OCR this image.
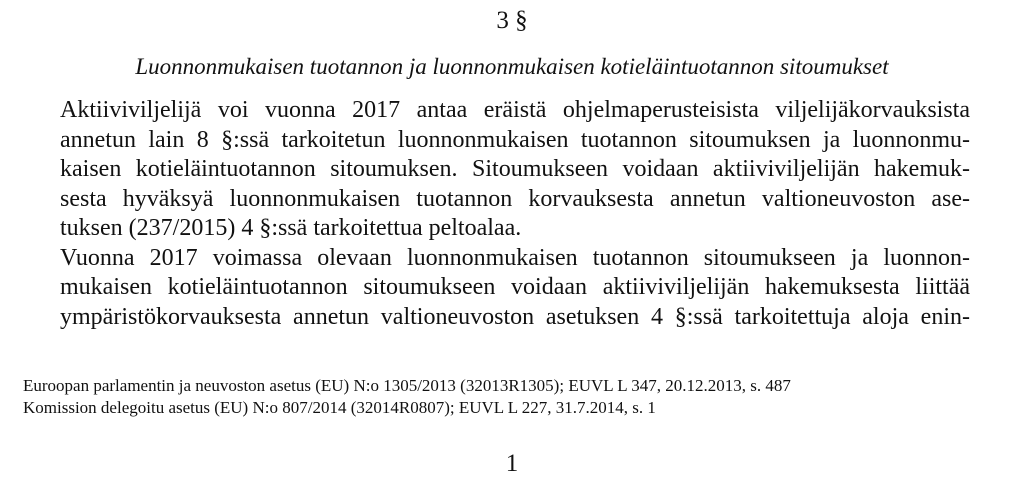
3 §
Luonnonmukaisen tuotannon ja luonnonmukaisen kotieläintuotannon sitoumukset

Aktiiviviljelijä voi vuonna 2017 antaa eräistä ohjelmaperusteisista viljelijäkorvauksista
annetun lain 8 §:ssä tarkoitetun luonnonmukaisen tuotannon sitoumuksen ja luonnonmu-
kaisen kotieläintuotannon sitoumuksen. Sitoumukseen voidaan aktiiviviljelijän hakemuk-
sesta hyväksyä luonnonmukaisen tuotannon korvauksesta annetun valtioneuvoston ase-
tuksen (237/2015) 4 §:ssä tarkoitettua peltoalaa.

Vuonna 2017 voimassa olevaan luonnonmukaisen tuotannon sitoumukseen ja luonnon-
mukaisen kotieläintuotannon sitoumukseen voidaan aktiiviviljelijän hakemuksesta liittää
ympäristökorvauksesta annetun valtioneuvoston asetuksen 4 §:ssä tarkoitettuja aloja enin-

Euroopan parlamentin ja neuvoston asetus (EU) N:o 1305/2013 (32013R1305); EUVL L 347, 20.12.2013, s. 487
Komission delegoitu asetus (EU) N:o 807/2014 (32014R0807); EUVL L 227, 31.7.2014, s. 1
1
